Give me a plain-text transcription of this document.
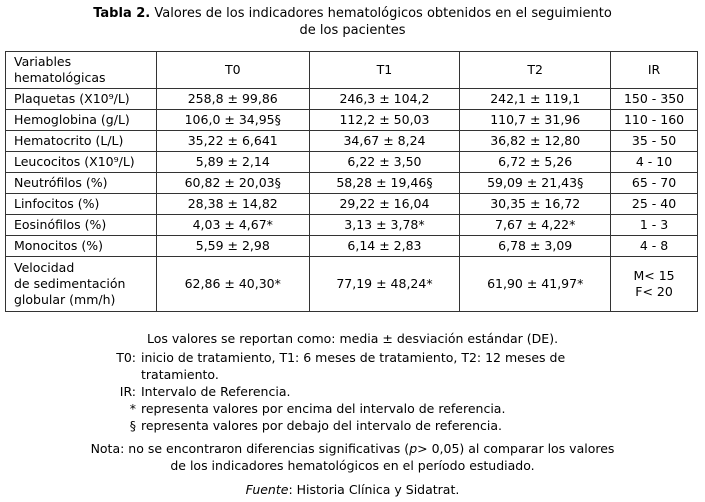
Tabla 2. Valores de los indicadores hematológicos obtenidos en el seguimiento
de los pacientes
Variables
hematológicas	T0	T1	T2	IR
Plaquetas (X10⁹/L)	258,8 ± 99,86	246,3 ± 104,2	242,1 ± 119,1	150 - 350
Hemoglobina (g/L)	106,0 ± 34,95§	112,2 ± 50,03	110,7 ± 31,96	110 - 160
Hematocrito (L/L)	35,22 ± 6,641	34,67 ± 8,24	36,82 ± 12,80	35 - 50
Leucocitos (X10⁹/L)	5,89 ± 2,14	6,22 ± 3,50	6,72 ± 5,26	4 - 10
Neutrófilos (%)	60,82 ± 20,03§	58,28 ± 19,46§	59,09 ± 21,43§	65 - 70
Linfocitos (%)	28,38 ± 14,82	29,22 ± 16,04	30,35 ± 16,72	25 - 40
Eosinófilos (%)	4,03 ± 4,67*	3,13 ± 3,78*	7,67 ± 4,22*	1 - 3
Monocitos (%)	5,59 ± 2,98	6,14 ± 2,83	6,78 ± 3,09	4 - 8

Velocidad
de sedimentación
globular (mm/h)	62,86 ± 40,30*	77,19 ± 48,24*	61,90 ± 41,97*	M< 15
F< 20
Los valores se reportan como: media ± desviación estándar (DE).
T0: inicio de tratamiento, T1: 6 meses de tratamiento, T2: 12 meses de tratamiento.
IR: Intervalo de Referencia.
* representa valores por encima del intervalo de referencia.
§ representa valores por debajo del intervalo de referencia.
Nota: no se encontraron diferencias significativas (p> 0,05) al comparar los valores
de los indicadores hematológicos en el período estudiado.
Fuente: Historia Clínica y Sidatrat.
